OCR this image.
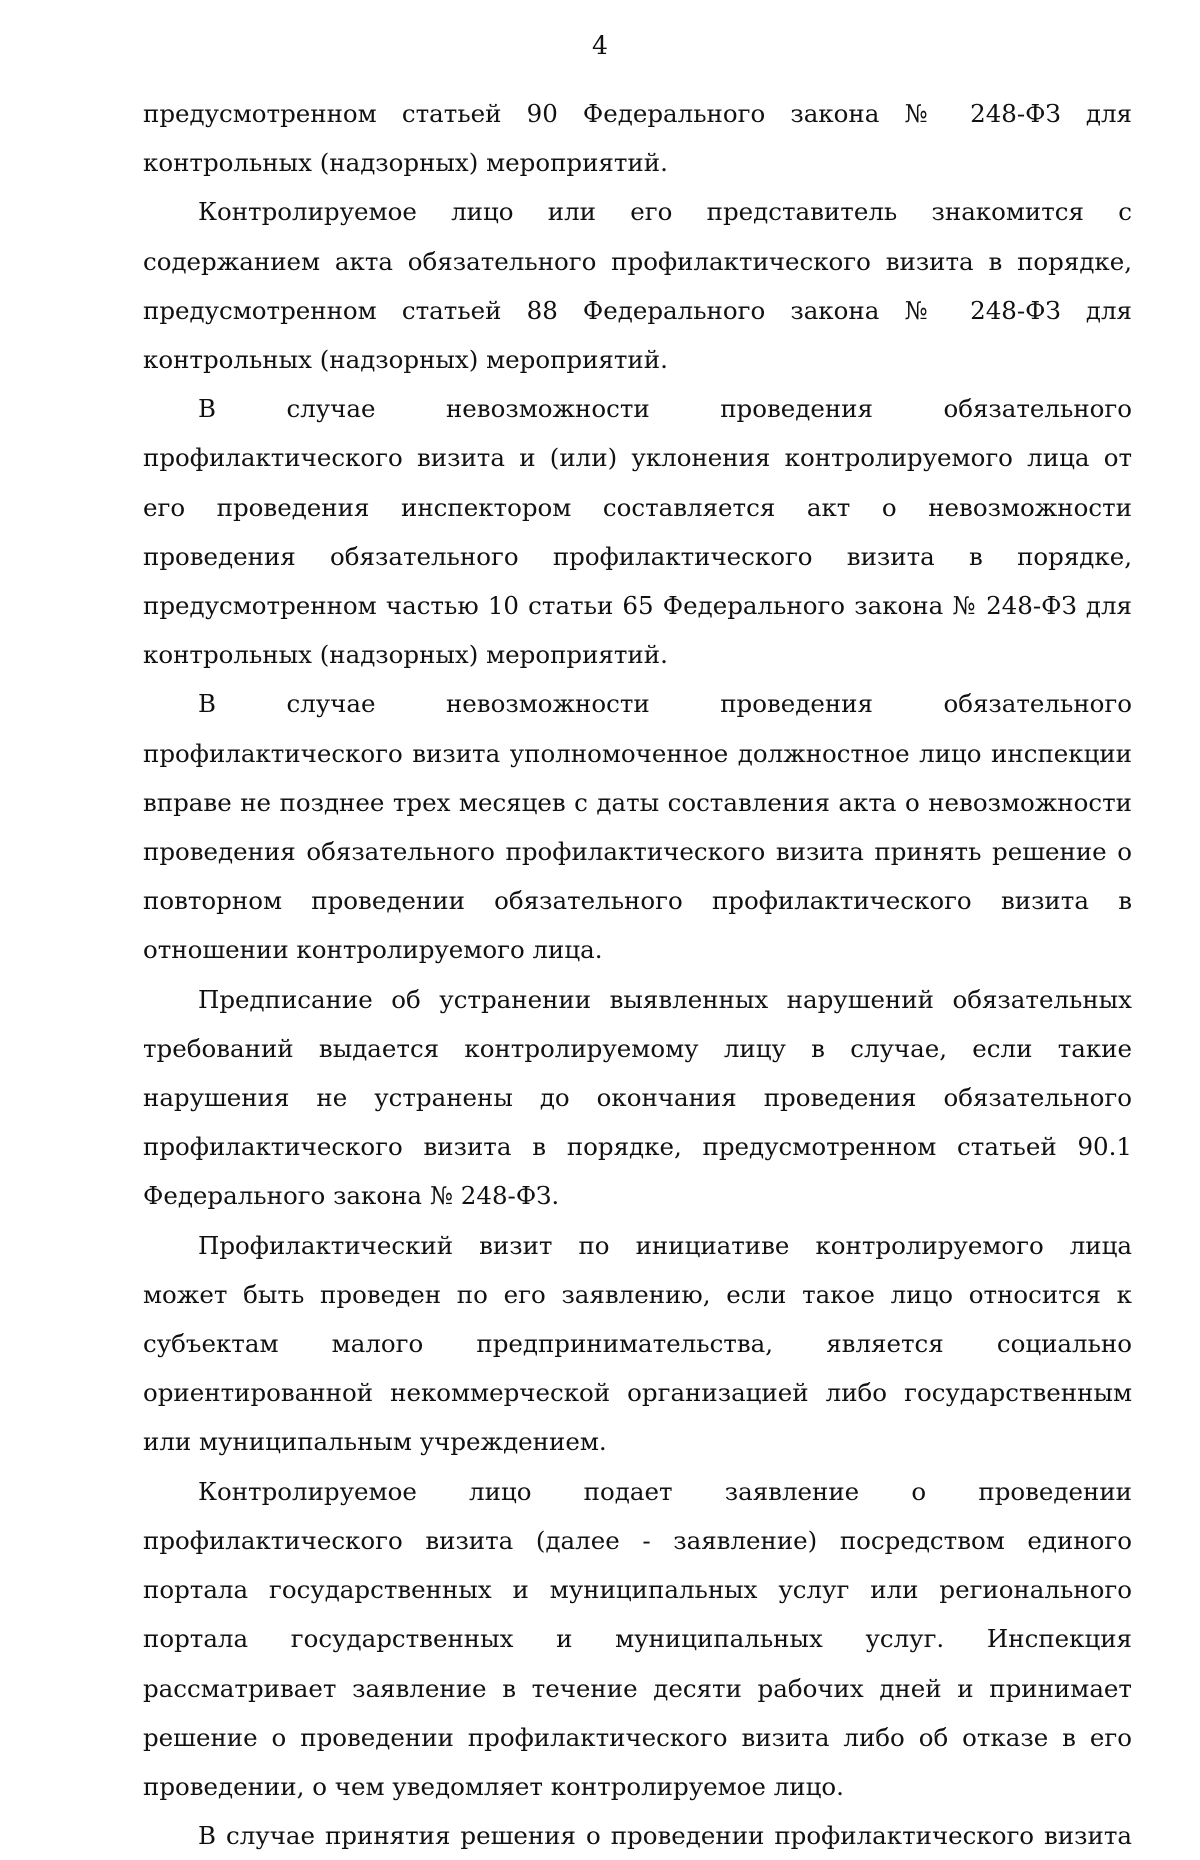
4

предусмотренном статьей 90 Федерального закона № 248-ФЗ для контрольных (надзорных) мероприятий.

Контролируемое лицо или его представитель знакомится с содержанием акта обязательного профилактического визита в порядке, предусмотренном статьей 88 Федерального закона № 248-ФЗ для контрольных (надзорных) мероприятий.

В случае невозможности проведения обязательного профилактического визита и (или) уклонения контролируемого лица от его проведения инспектором составляется акт о невозможности проведения обязательного профилактического визита в порядке, предусмотренном частью 10 статьи 65 Федерального закона № 248-ФЗ для контрольных (надзорных) мероприятий.

В случае невозможности проведения обязательного профилактического визита уполномоченное должностное лицо инспекции вправе не позднее трех месяцев с даты составления акта о невозможности проведения обязательного профилактического визита принять решение о повторном проведении обязательного профилактического визита в отношении контролируемого лица.

Предписание об устранении выявленных нарушений обязательных требований выдается контролируемому лицу в случае, если такие нарушения не устранены до окончания проведения обязательного профилактического визита в порядке, предусмотренном статьей 90.1 Федерального закона № 248-ФЗ.

Профилактический визит по инициативе контролируемого лица может быть проведен по его заявлению, если такое лицо относится к субъектам малого предпринимательства, является социально ориентированной некоммерческой организацией либо государственным или муниципальным учреждением.

Контролируемое лицо подает заявление о проведении профилактического визита (далее - заявление) посредством единого портала государственных и муниципальных услуг или регионального портала государственных и муниципальных услуг. Инспекция рассматривает заявление в течение десяти рабочих дней и принимает решение о проведении профилактического визита либо об отказе в его проведении, о чем уведомляет контролируемое лицо.

В случае принятия решения о проведении профилактического визита
